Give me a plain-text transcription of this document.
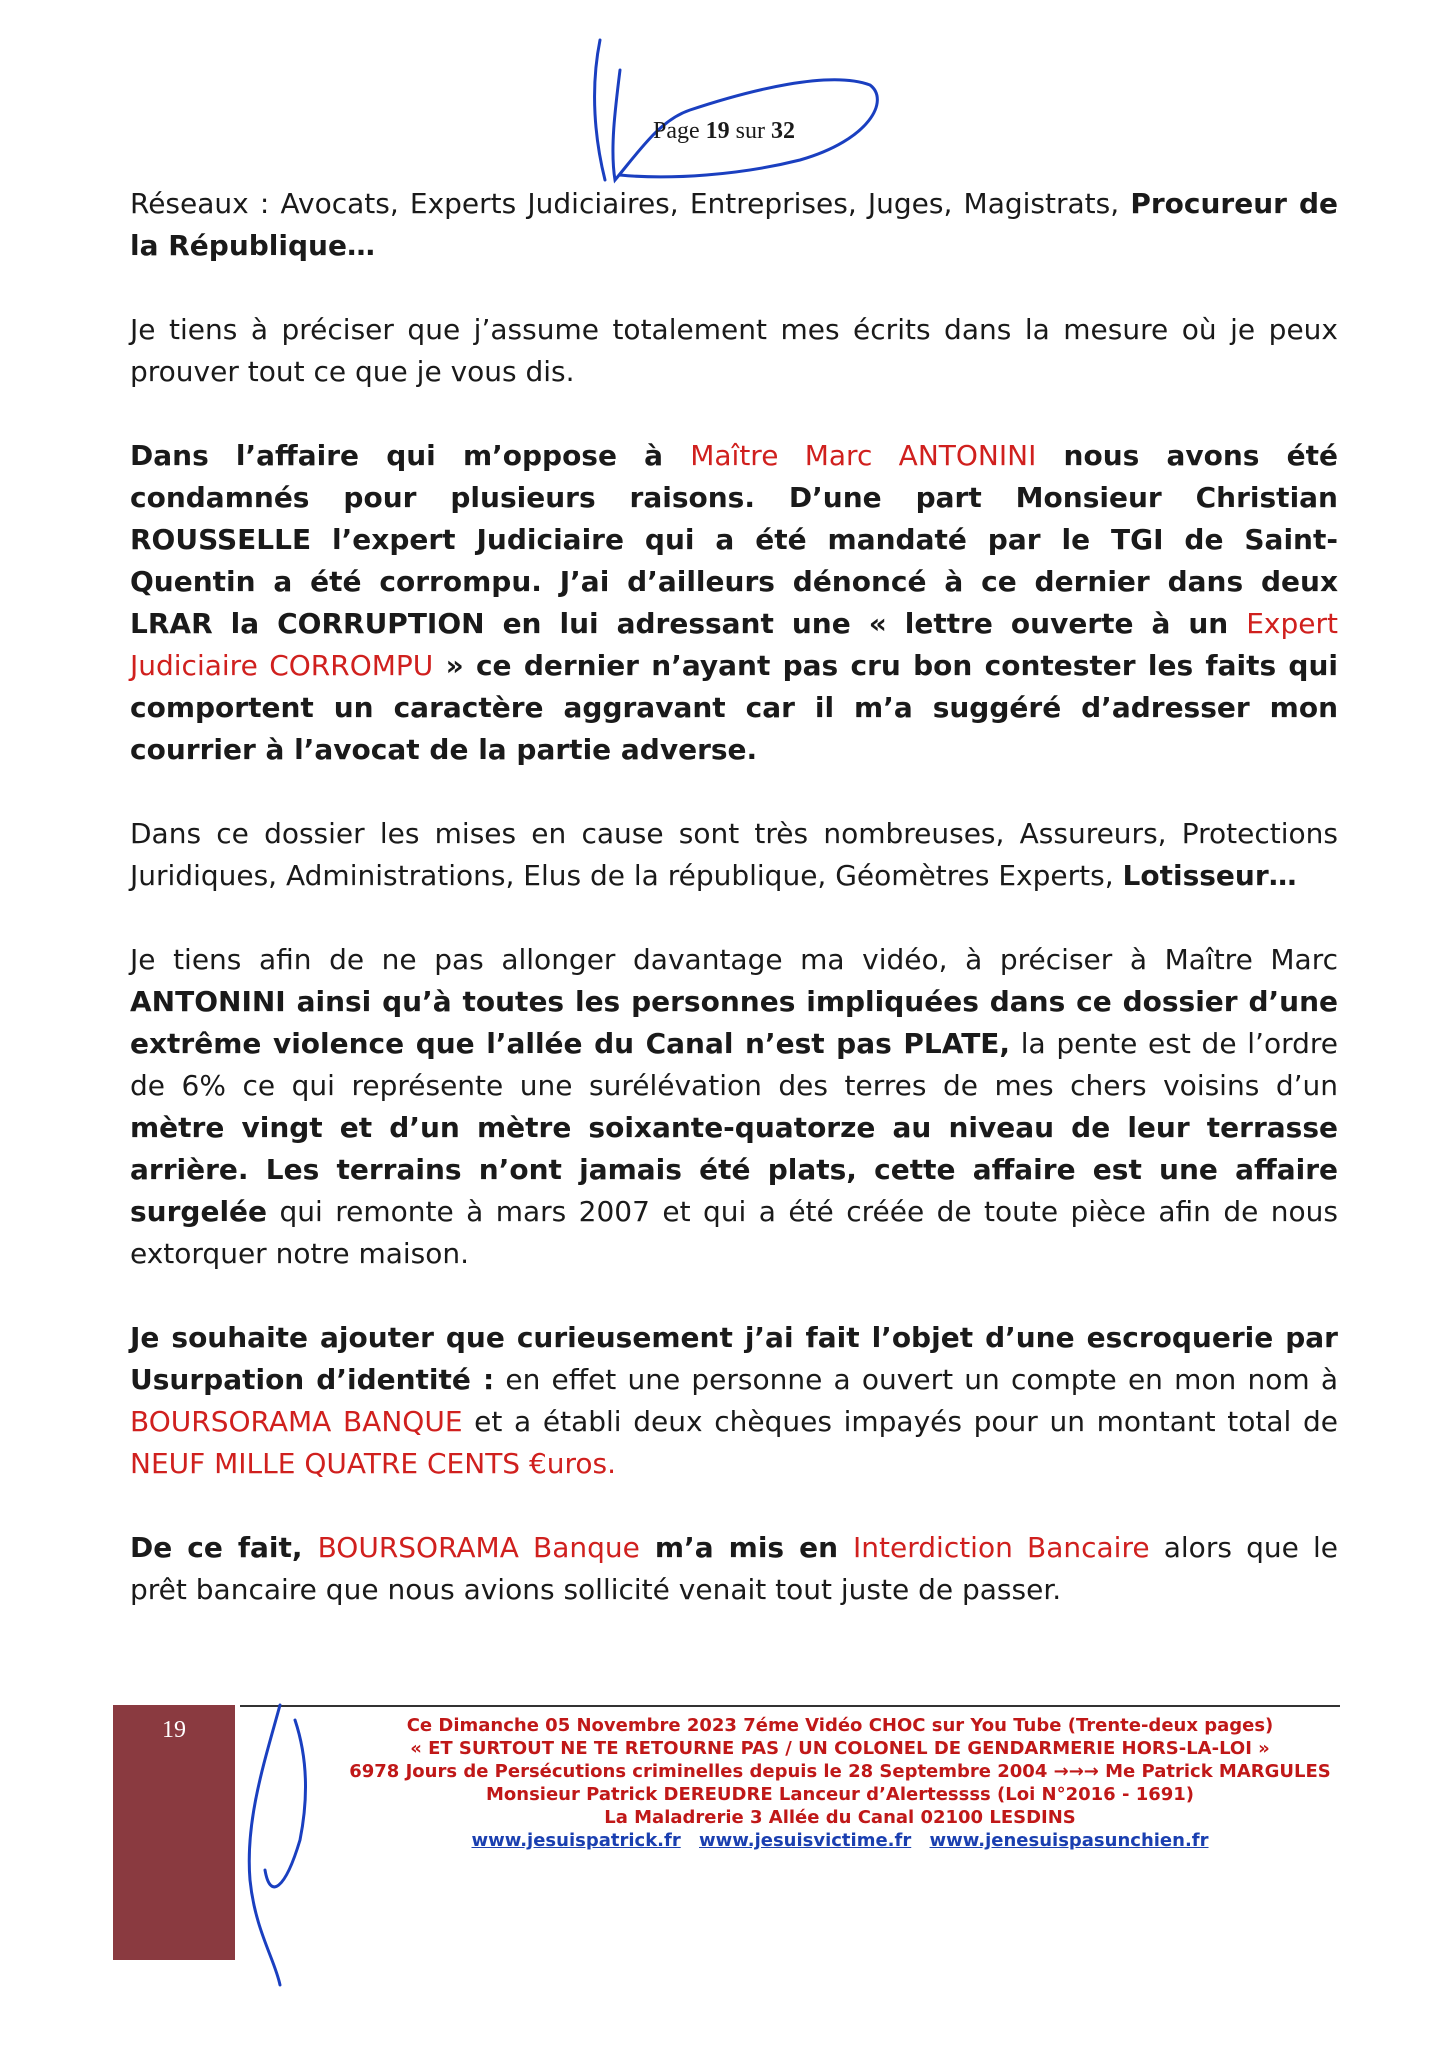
Page 19 sur 32

Réseaux : Avocats, Experts Judiciaires, Entreprises, Juges, Magistrats, Procureur de la République…

Je tiens à préciser que j’assume totalement mes écrits dans la mesure où je peux prouver tout ce que je vous dis.

Dans l’affaire qui m’oppose à Maître Marc ANTONINI nous avons été condamnés pour plusieurs raisons. D’une part Monsieur Christian ROUSSELLE l’expert Judiciaire qui a été mandaté par le TGI de Saint-Quentin a été corrompu. J’ai d’ailleurs dénoncé à ce dernier dans deux LRAR la CORRUPTION en lui adressant une « lettre ouverte à un Expert Judiciaire CORROMPU » ce dernier n’ayant pas cru bon contester les faits qui comportent un caractère aggravant car il m’a suggéré d’adresser mon courrier à l’avocat de la partie adverse.

Dans ce dossier les mises en cause sont très nombreuses, Assureurs, Protections Juridiques, Administrations, Elus de la république, Géomètres Experts, Lotisseur…

Je tiens afin de ne pas allonger davantage ma vidéo, à préciser à Maître Marc ANTONINI ainsi qu’à toutes les personnes impliquées dans ce dossier d’une extrême violence que l’allée du Canal n’est pas PLATE, la pente est de l’ordre de 6% ce qui représente une surélévation des terres de mes chers voisins d’un mètre vingt et d’un mètre soixante-quatorze au niveau de leur terrasse arrière. Les terrains n’ont jamais été plats, cette affaire est une affaire surgelée qui remonte à mars 2007 et qui a été créée de toute pièce afin de nous extorquer notre maison.

Je souhaite ajouter que curieusement j’ai fait l’objet d’une escroquerie par Usurpation d’identité : en effet une personne a ouvert un compte en mon nom à BOURSORAMA BANQUE et a établi deux chèques impayés pour un montant total de NEUF MILLE QUATRE CENTS €uros.

De ce fait, BOURSORAMA Banque m’a mis en Interdiction Bancaire alors que le prêt bancaire que nous avions sollicité venait tout juste de passer.

19	Ce Dimanche 05 Novembre 2023 7éme Vidéo CHOC sur You Tube (Trente-deux pages)
« ET SURTOUT NE TE RETOURNE PAS / UN COLONEL DE GENDARMERIE HORS-LA-LOI »
6978 Jours de Persécutions criminelles depuis le 28 Septembre 2004 →→→ Me Patrick MARGULES
Monsieur Patrick DEREUDRE Lanceur d’Alertessss (Loi N°2016 - 1691)
La Maladrerie 3 Allée du Canal 02100 LESDINS
www.jesuispatrick.fr www.jesuisvictime.fr www.jenesuispasunchien.fr
